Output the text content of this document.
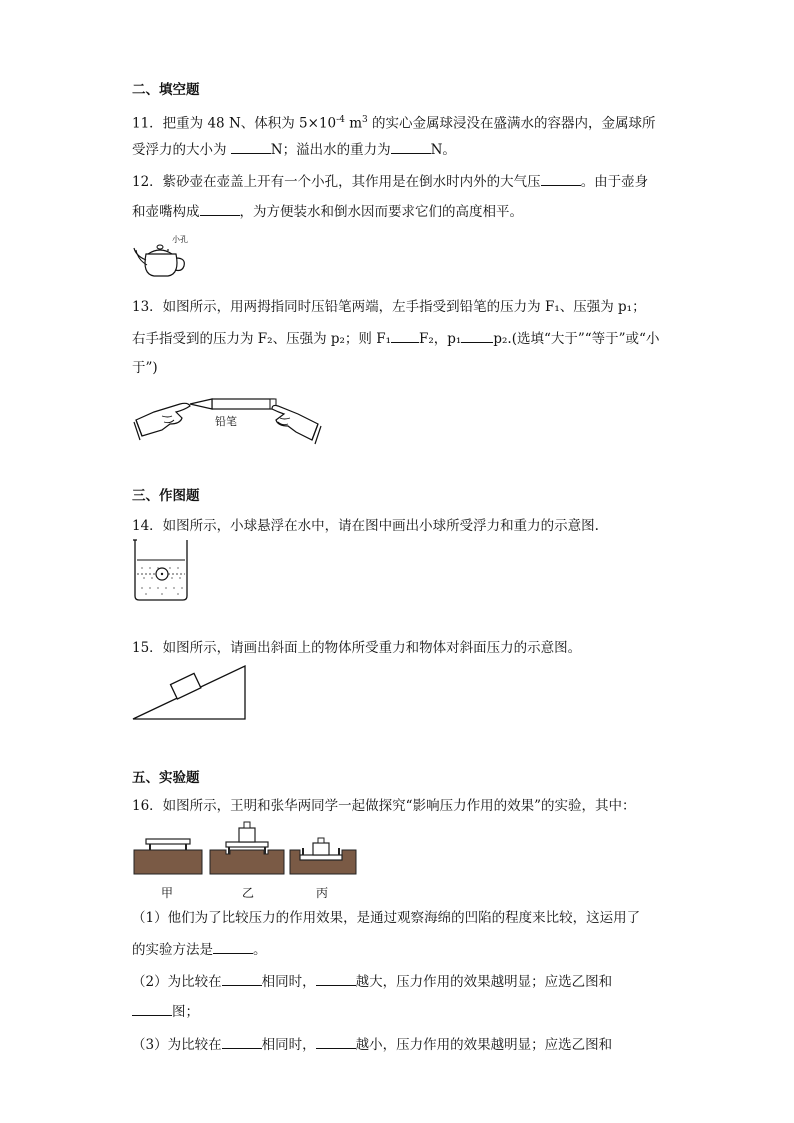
二、填空题
11．把重为 48 N、体积为 $5\times 10^{-4}$ $m^3$ 的实心金属球浸没在盛满水的容器内，金属球所
受浮力的大小为	N；溢出水的重力为	N。
12．紫砂壶在壶盖上开有一个小孔，其作用是在倒水时内外的大气压	。由于壶身
和壶嘴构成	，为方便装水和倒水因而要求它们的高度相平。
小孔
13．如图所示，用两拇指同时压铅笔两端，左手指受到铅笔的压力为 F₁、压强为 p₁；
右手指受到的压力为 F₂、压强为 p₂；则 F₁ F₂，p₁ p₂.(选填“大于”“等于”或“小
于”)
铅笔
三、作图题
14．如图所示，小球悬浮在水中，请在图中画出小球所受浮力和重力的示意图.
15．如图所示，请画出斜面上的物体所受重力和物体对斜面压力的示意图。
五、实验题
16．如图所示，王明和张华两同学一起做探究“影响压力作用的效果”的实验，其中：
甲	乙	丙
（1）他们为了比较压力的作用效果，是通过观察海绵的凹陷的程度来比较，这运用了
的实验方法是	。
（2）为比较在	相同时，	越大，压力作用的效果越明显；应选乙图和
图；
（3）为比较在	相同时，	越小，压力作用的效果越明显；应选乙图和
